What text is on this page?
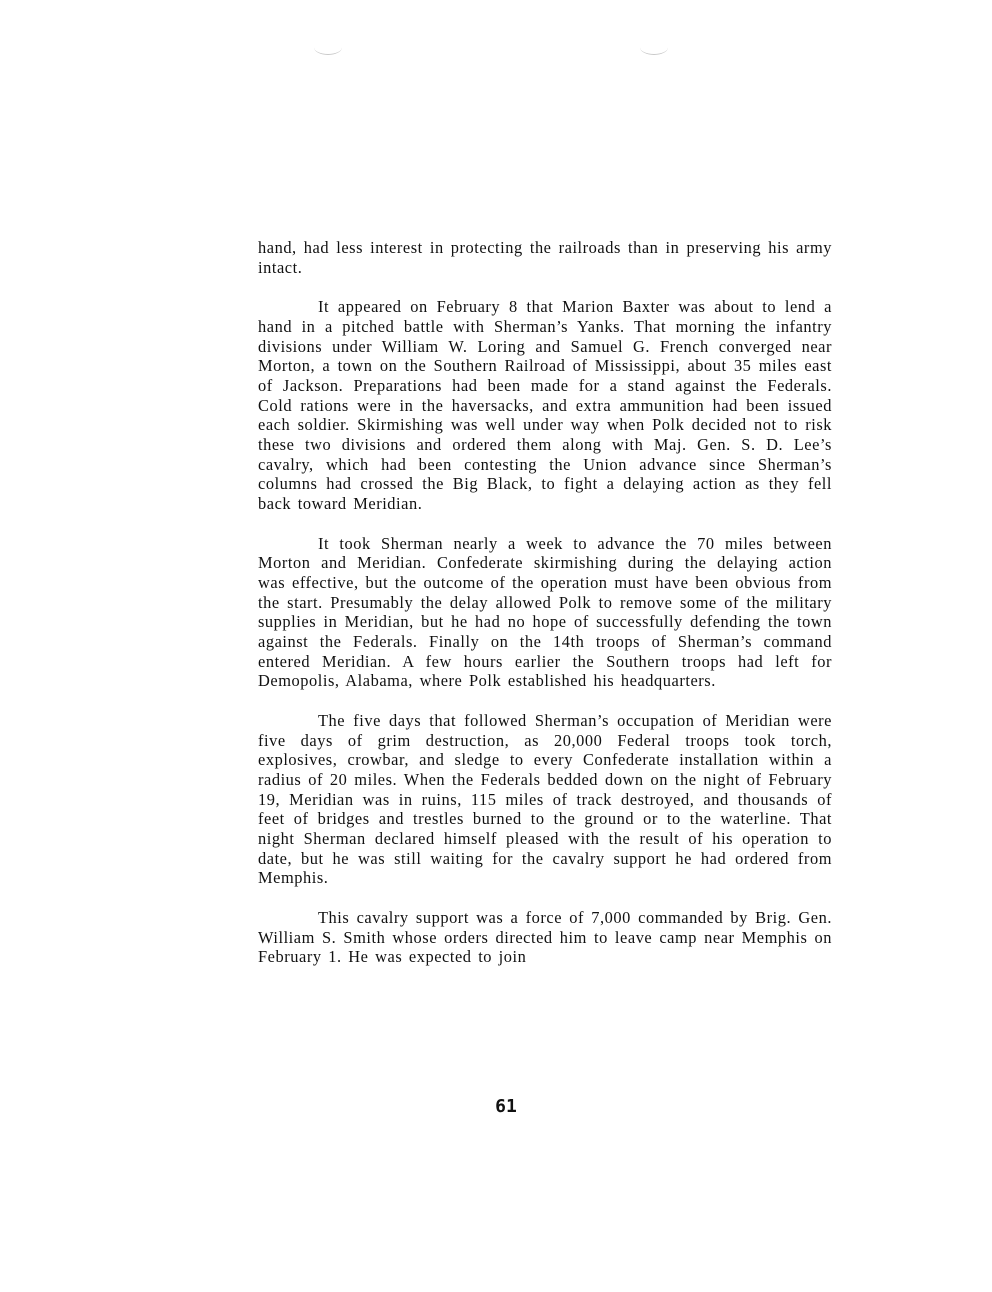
hand, had less interest in protecting the railroads than in preserving his army intact.

It appeared on February 8 that Marion Baxter was about to lend a hand in a pitched battle with Sherman’s Yanks. That morning the infantry divisions under William W. Loring and Samuel G. French converged near Morton, a town on the Southern Railroad of Mississippi, about 35 miles east of Jackson. Preparations had been made for a stand against the Federals. Cold rations were in the haversacks, and extra ammunition had been issued each soldier. Skirmishing was well under way when Polk decided not to risk these two divisions and ordered them along with Maj. Gen. S. D. Lee’s cavalry, which had been contesting the Union advance since Sherman’s columns had crossed the Big Black, to fight a delaying action as they fell back toward Meridian.

It took Sherman nearly a week to advance the 70 miles between Morton and Meridian. Confederate skirmishing during the delaying action was effective, but the outcome of the operation must have been obvious from the start. Presumably the delay allowed Polk to remove some of the military supplies in Meridian, but he had no hope of successfully defending the town against the Federals. Finally on the 14th troops of Sherman’s command entered Meridian. A few hours earlier the Southern troops had left for Demopolis, Alabama, where Polk established his headquarters.

The five days that followed Sherman’s occupation of Meridian were five days of grim destruction, as 20,000 Federal troops took torch, explosives, crowbar, and sledge to every Confederate installation within a radius of 20 miles. When the Federals bedded down on the night of February 19, Meridian was in ruins, 115 miles of track destroyed, and thousands of feet of bridges and trestles burned to the ground or to the waterline. That night Sherman declared himself pleased with the result of his operation to date, but he was still waiting for the cavalry support he had ordered from Memphis.

This cavalry support was a force of 7,000 commanded by Brig. Gen. William S. Smith whose orders directed him to leave camp near Memphis on February 1. He was expected to join

61
